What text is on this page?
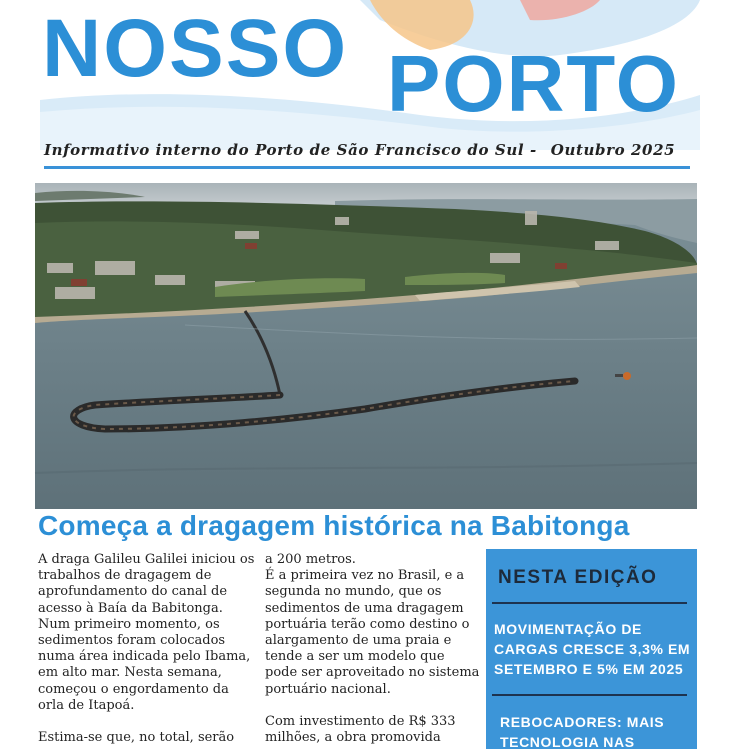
NOSSO PORTO
Informativo interno do Porto de São Francisco do Sul - Outubro 2025
Começa a dragagem histórica na Babitonga

A draga Galileu Galilei iniciou os trabalhos de dragagem de aprofundamento do canal de acesso à Baía da Babitonga. Num primeiro momento, os sedimentos foram colocados numa área indicada pelo Ibama, em alto mar. Nesta semana, começou o engordamento da orla de Itapoá.

Estima-se que, no total, serão

a 200 metros.
É a primeira vez no Brasil, e a segunda no mundo, que os sedimentos de uma dragagem portuária terão como destino o alargamento de uma praia e tende a ser um modelo que pode ser aproveitado no sistema portuário nacional.

Com investimento de R$ 333 milhões, a obra promovida

NESTA EDIÇÃO
MOVIMENTAÇÃO DE CARGAS CRESCE 3,3% EM SETEMBRO E 5% EM 2025
REBOCADORES: MAIS TECNOLOGIA NAS
